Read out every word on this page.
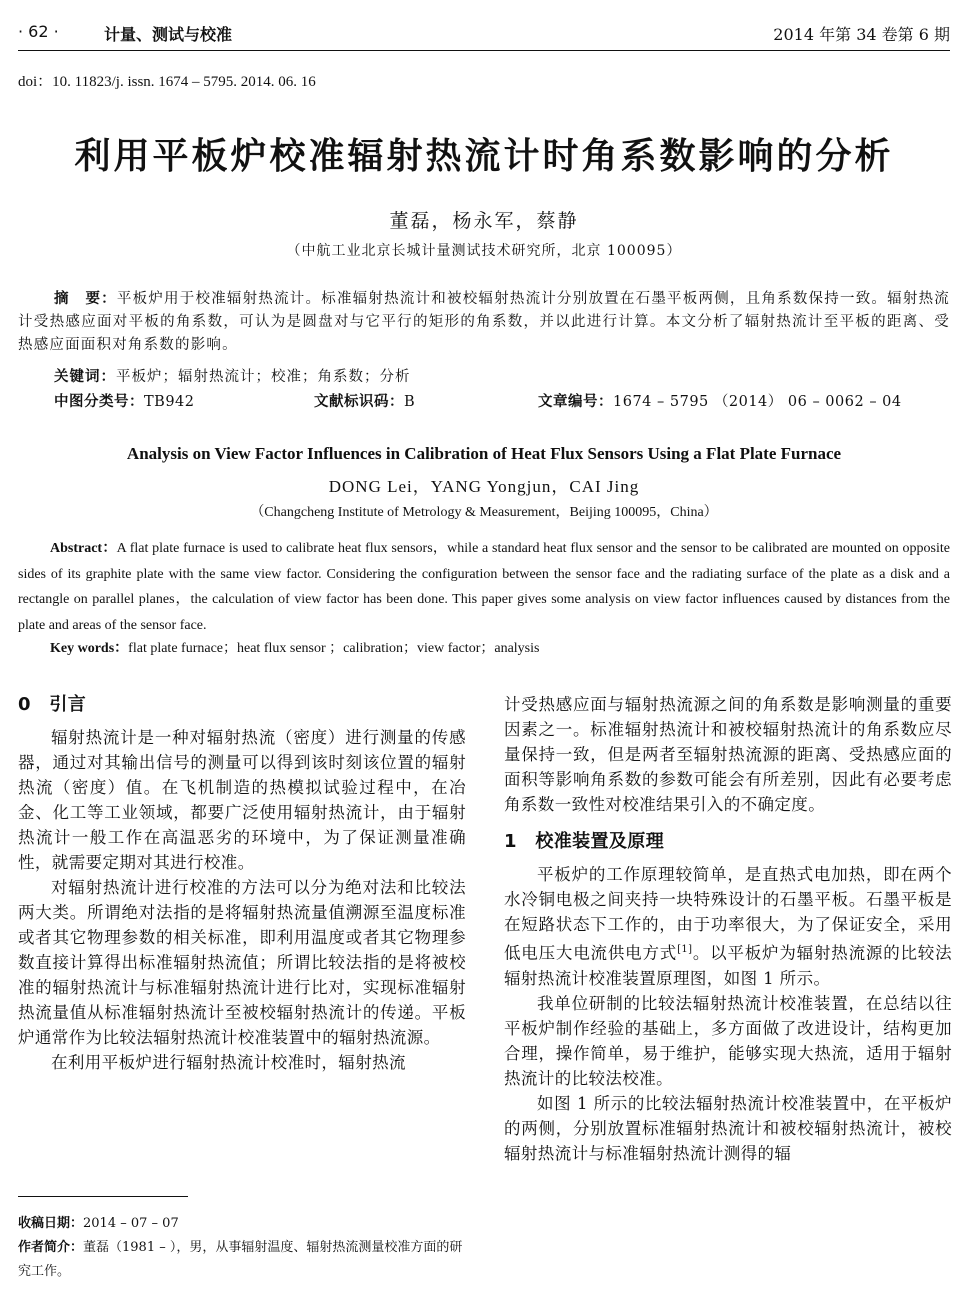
· 62 ·	计量、测试与校准	2014 年第 34 卷第 6 期
doi：10. 11823/j. issn. 1674 – 5795. 2014. 06. 16
利用平板炉校准辐射热流计时角系数影响的分析
董磊，杨永军，蔡静
（中航工业北京长城计量测试技术研究所，北京 100095）
摘　要：平板炉用于校准辐射热流计。标准辐射热流计和被校辐射热流计分别放置在石墨平板两侧，且角系数保持一致。辐射热流计受热感应面对平板的角系数，可认为是圆盘对与它平行的矩形的角系数，并以此进行计算。本文分析了辐射热流计至平板的距离、受热感应面面积对角系数的影响。
关键词：平板炉；辐射热流计；校准；角系数；分析
中图分类号：TB942	文献标识码：B	文章编号：1674 – 5795 （2014） 06 – 0062 – 04
Analysis on View Factor Influences in Calibration of Heat Flux Sensors Using a Flat Plate Furnace
DONG Lei，YANG Yongjun，CAI Jing
（Changcheng Institute of Metrology & Measurement，Beijing 100095，China）
Abstract：A flat plate furnace is used to calibrate heat flux sensors，while a standard heat flux sensor and the sensor to be calibrated are mounted on opposite sides of its graphite plate with the same view factor. Considering the configuration between the sensor face and the radiating surface of the plate as a disk and a rectangle on parallel planes，the calculation of view factor has been done. This paper gives some analysis on view factor influences caused by distances from the plate and areas of the sensor face.
Key words：flat plate furnace；heat flux sensor ；calibration；view factor；analysis

0　引言

辐射热流计是一种对辐射热流（密度）进行测量的传感器，通过对其输出信号的测量可以得到该时刻该位置的辐射热流（密度）值。在飞机制造的热模拟试验过程中，在冶金、化工等工业领域，都要广泛使用辐射热流计，由于辐射热流计一般工作在高温恶劣的环境中，为了保证测量准确性，就需要定期对其进行校准。

对辐射热流计进行校准的方法可以分为绝对法和比较法两大类。所谓绝对法指的是将辐射热流量值溯源至温度标准或者其它物理参数的相关标准，即利用温度或者其它物理参数直接计算得出标准辐射热流值；所谓比较法指的是将被校准的辐射热流计与标准辐射热流计进行比对，实现标准辐射热流量值从标准辐射热流计至被校辐射热流计的传递。平板炉通常作为比较法辐射热流计校准装置中的辐射热流源。

在利用平板炉进行辐射热流计校准时，辐射热流

收稿日期：2014 – 07 – 07
作者简介：董磊（1981 – ），男，从事辐射温度、辐射热流测量校准方面的研究工作。

计受热感应面与辐射热流源之间的角系数是影响测量的重要因素之一。标准辐射热流计和被校辐射热流计的角系数应尽量保持一致，但是两者至辐射热流源的距离、受热感应面的面积等影响角系数的参数可能会有所差别，因此有必要考虑角系数一致性对校准结果引入的不确定度。

1　校准装置及原理

平板炉的工作原理较简单，是直热式电加热，即在两个水冷铜电极之间夹持一块特殊设计的石墨平板。石墨平板是在短路状态下工作的，由于功率很大，为了保证安全，采用低电压大电流供电方式[1]。以平板炉为辐射热流源的比较法辐射热流计校准装置原理图，如图 1 所示。

我单位研制的比较法辐射热流计校准装置，在总结以往平板炉制作经验的基础上，多方面做了改进设计，结构更加合理，操作简单，易于维护，能够实现大热流，适用于辐射热流计的比较法校准。

如图 1 所示的比较法辐射热流计校准装置中，在平板炉的两侧，分别放置标准辐射热流计和被校辐射热流计，被校辐射热流计与标准辐射热流计测得的辐
